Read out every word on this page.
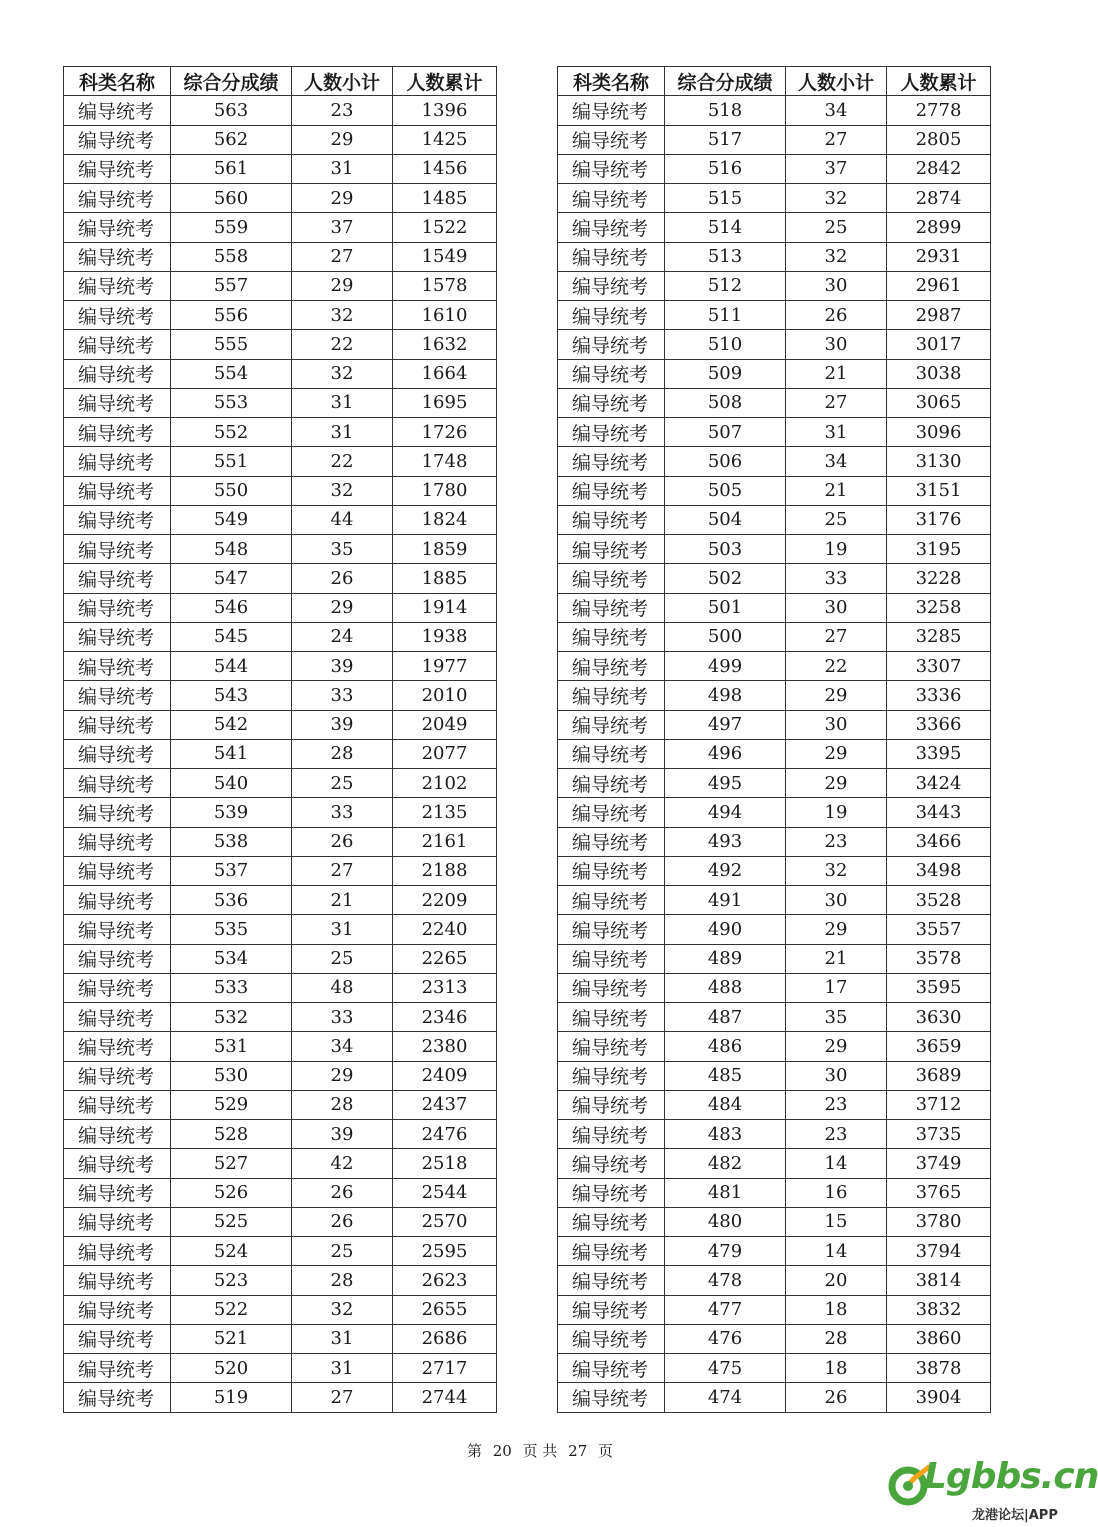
科类名称	综合分成绩	人数小计	人数累计
编导统考	563	23	1396
编导统考	562	29	1425
编导统考	561	31	1456
编导统考	560	29	1485
编导统考	559	37	1522
编导统考	558	27	1549
编导统考	557	29	1578
编导统考	556	32	1610
编导统考	555	22	1632
编导统考	554	32	1664
编导统考	553	31	1695
编导统考	552	31	1726
编导统考	551	22	1748
编导统考	550	32	1780
编导统考	549	44	1824
编导统考	548	35	1859
编导统考	547	26	1885
编导统考	546	29	1914
编导统考	545	24	1938
编导统考	544	39	1977
编导统考	543	33	2010
编导统考	542	39	2049
编导统考	541	28	2077
编导统考	540	25	2102
编导统考	539	33	2135
编导统考	538	26	2161
编导统考	537	27	2188
编导统考	536	21	2209
编导统考	535	31	2240
编导统考	534	25	2265
编导统考	533	48	2313
编导统考	532	33	2346
编导统考	531	34	2380
编导统考	530	29	2409
编导统考	529	28	2437
编导统考	528	39	2476
编导统考	527	42	2518
编导统考	526	26	2544
编导统考	525	26	2570
编导统考	524	25	2595
编导统考	523	28	2623
编导统考	522	32	2655
编导统考	521	31	2686
编导统考	520	31	2717
编导统考	519	27	2744
科类名称	综合分成绩	人数小计	人数累计
编导统考	518	34	2778
编导统考	517	27	2805
编导统考	516	37	2842
编导统考	515	32	2874
编导统考	514	25	2899
编导统考	513	32	2931
编导统考	512	30	2961
编导统考	511	26	2987
编导统考	510	30	3017
编导统考	509	21	3038
编导统考	508	27	3065
编导统考	507	31	3096
编导统考	506	34	3130
编导统考	505	21	3151
编导统考	504	25	3176
编导统考	503	19	3195
编导统考	502	33	3228
编导统考	501	30	3258
编导统考	500	27	3285
编导统考	499	22	3307
编导统考	498	29	3336
编导统考	497	30	3366
编导统考	496	29	3395
编导统考	495	29	3424
编导统考	494	19	3443
编导统考	493	23	3466
编导统考	492	32	3498
编导统考	491	30	3528
编导统考	490	29	3557
编导统考	489	21	3578
编导统考	488	17	3595
编导统考	487	35	3630
编导统考	486	29	3659
编导统考	485	30	3689
编导统考	484	23	3712
编导统考	483	23	3735
编导统考	482	14	3749
编导统考	481	16	3765
编导统考	480	15	3780
编导统考	479	14	3794
编导统考	478	20	3814
编导统考	477	18	3832
编导统考	476	28	3860
编导统考	475	18	3878
编导统考	474	26	3904
第 20 页 共 27 页
Lgbbs.cn
龙港论坛|APP
